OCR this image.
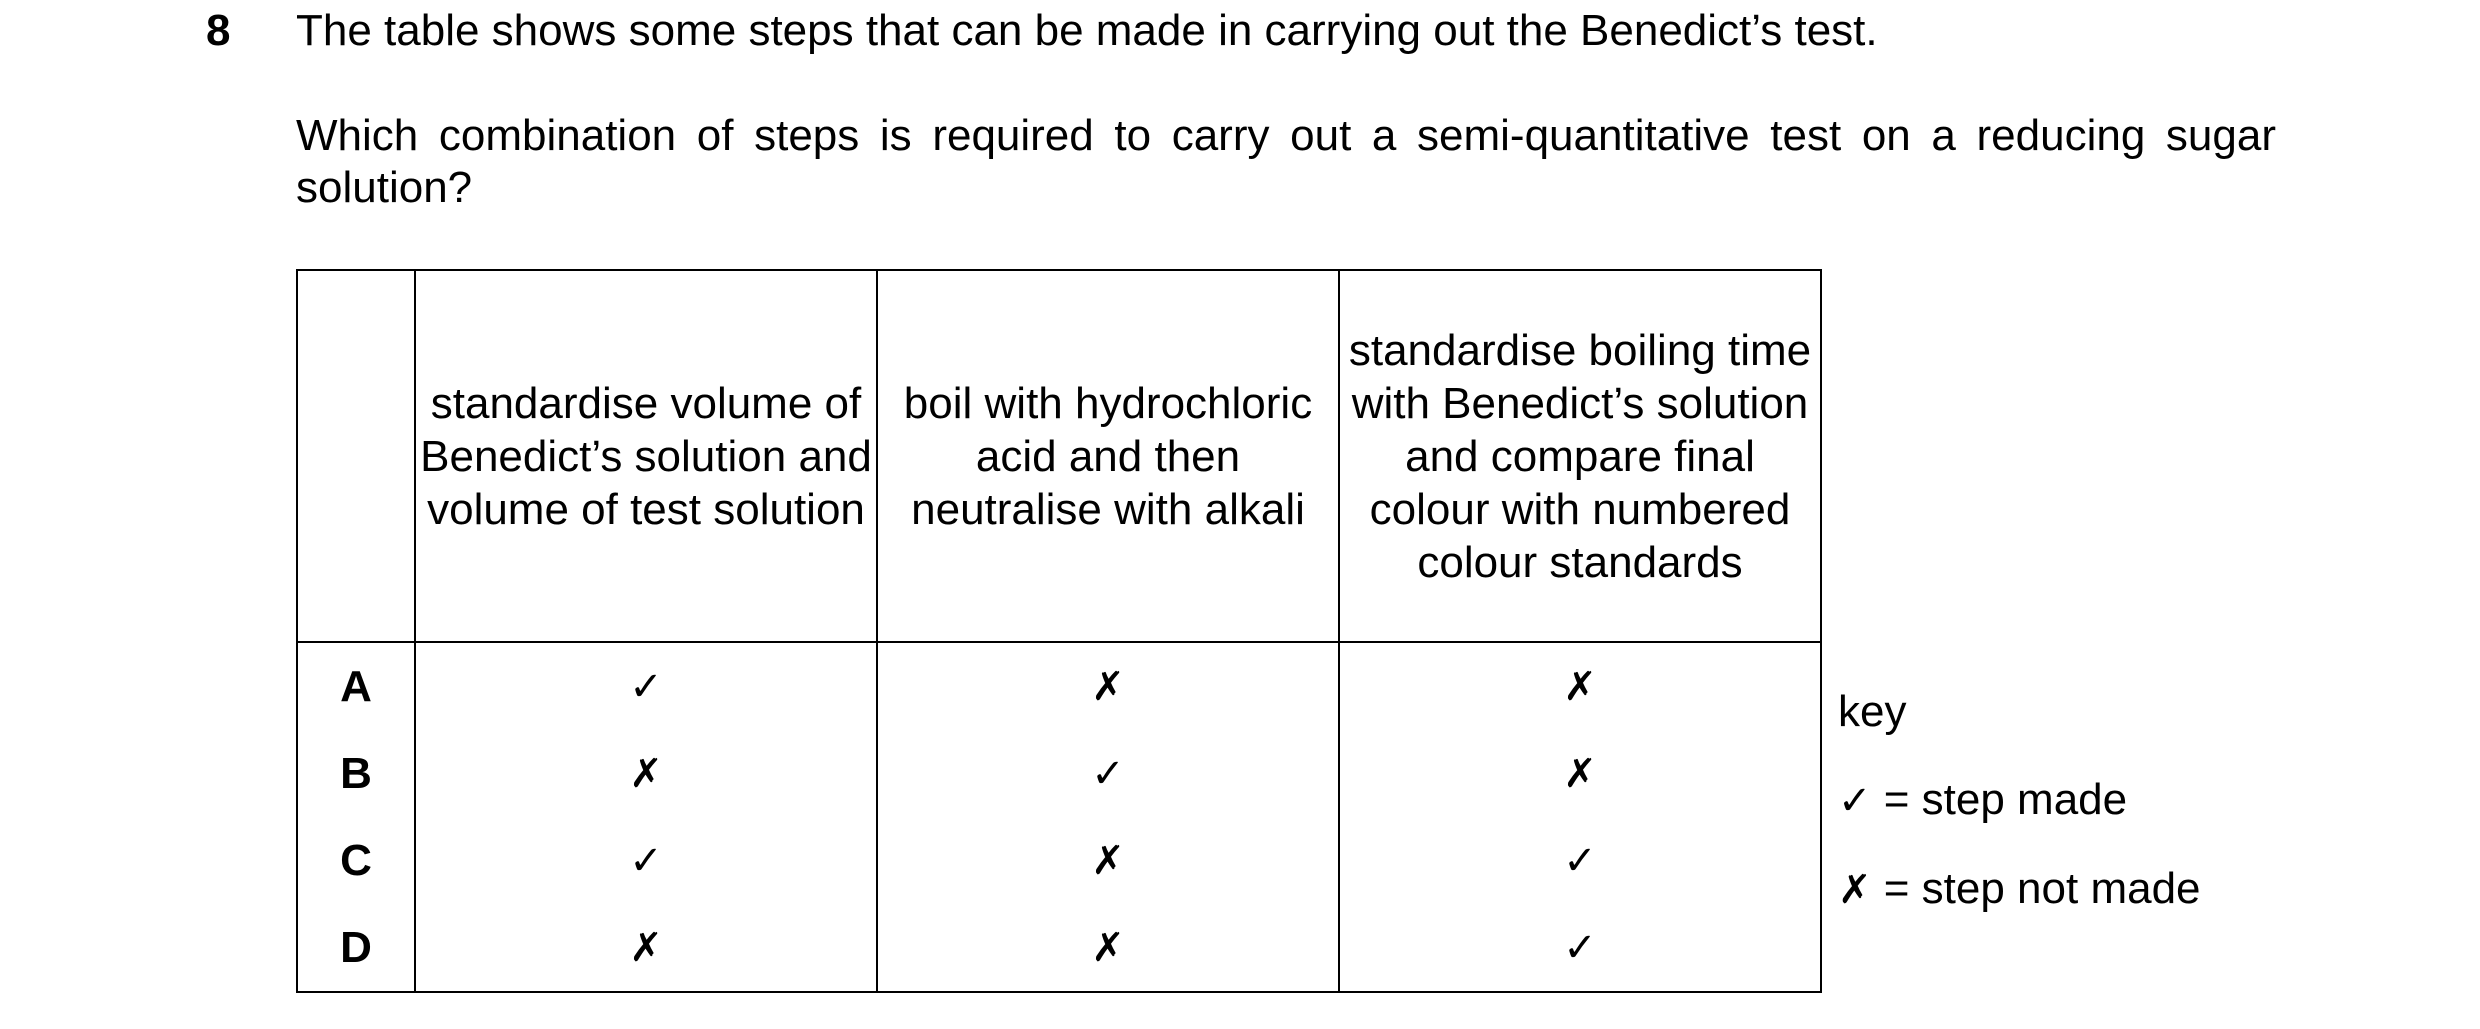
8 The table shows some steps that can be made in carrying out the Benedict’s test.
Which combination of steps is required to carry out a semi-quantitative test on a reducing sugar solution?
	standardise volume of Benedict’s solution and volume of test solution	boil with hydrochloric acid and then neutralise with alkali	standardise boiling time with Benedict’s solution and compare final colour with numbered colour standards
A	✓	✗	✗
B	✗	✓	✗
C	✓	✗	✓
D	✗	✗	✓
key
✓ = step made
✗ = step not made
